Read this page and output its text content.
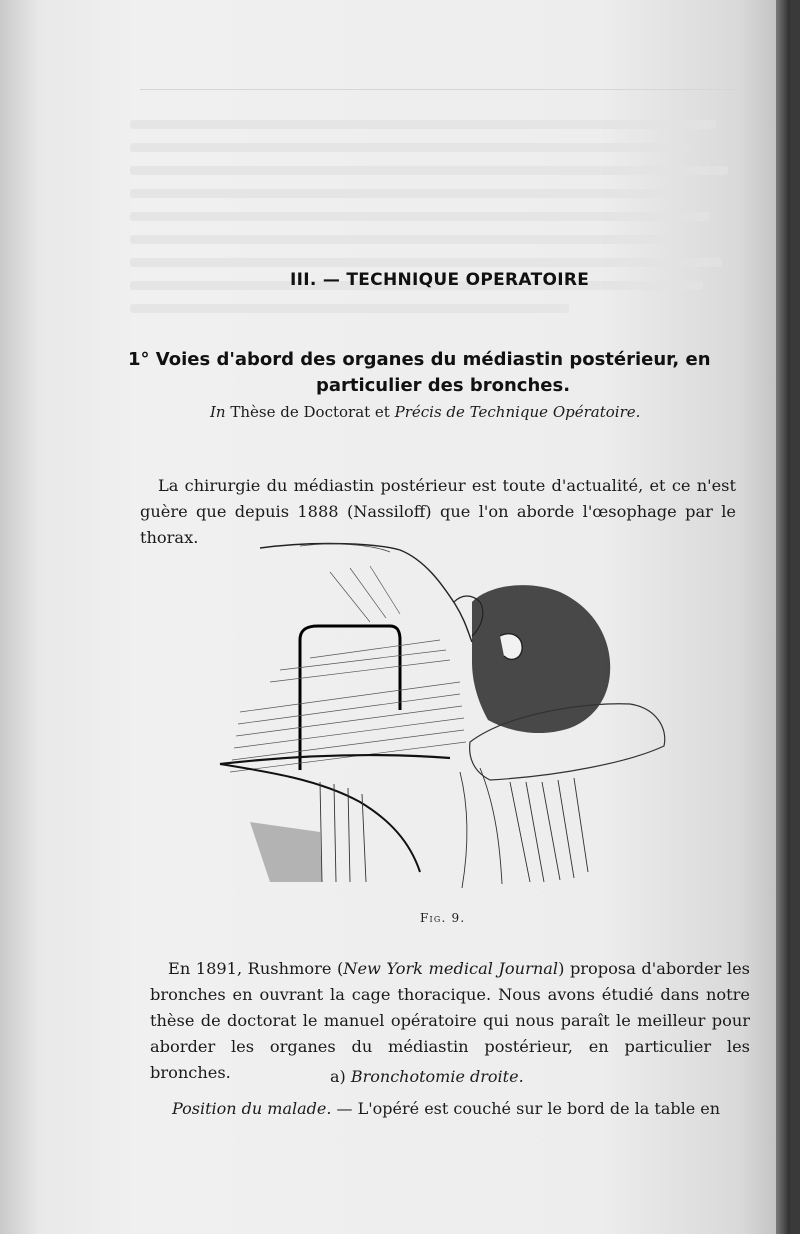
III. — TECHNIQUE OPERATOIRE
1° Voies d'abord des organes du médiastin postérieur, en
particulier des bronches.
In Thèse de Doctorat et Précis de Technique Opératoire.

La chirurgie du médiastin postérieur est toute d'actualité, et ce n'est guère que depuis 1888 (Nassiloff) que l'on aborde l'œsophage par le thorax.

Fig. 9.

En 1891, Rushmore (New York medical Journal) proposa d'aborder les bronches en ouvrant la cage thoracique. Nous avons étudié dans notre thèse de doctorat le manuel opératoire qui nous paraît le meilleur pour aborder les organes du médiastin postérieur, en particulier les bronches.	a) Bronchotomie droite.
Position du malade. — L'opéré est couché sur le bord de la table en
